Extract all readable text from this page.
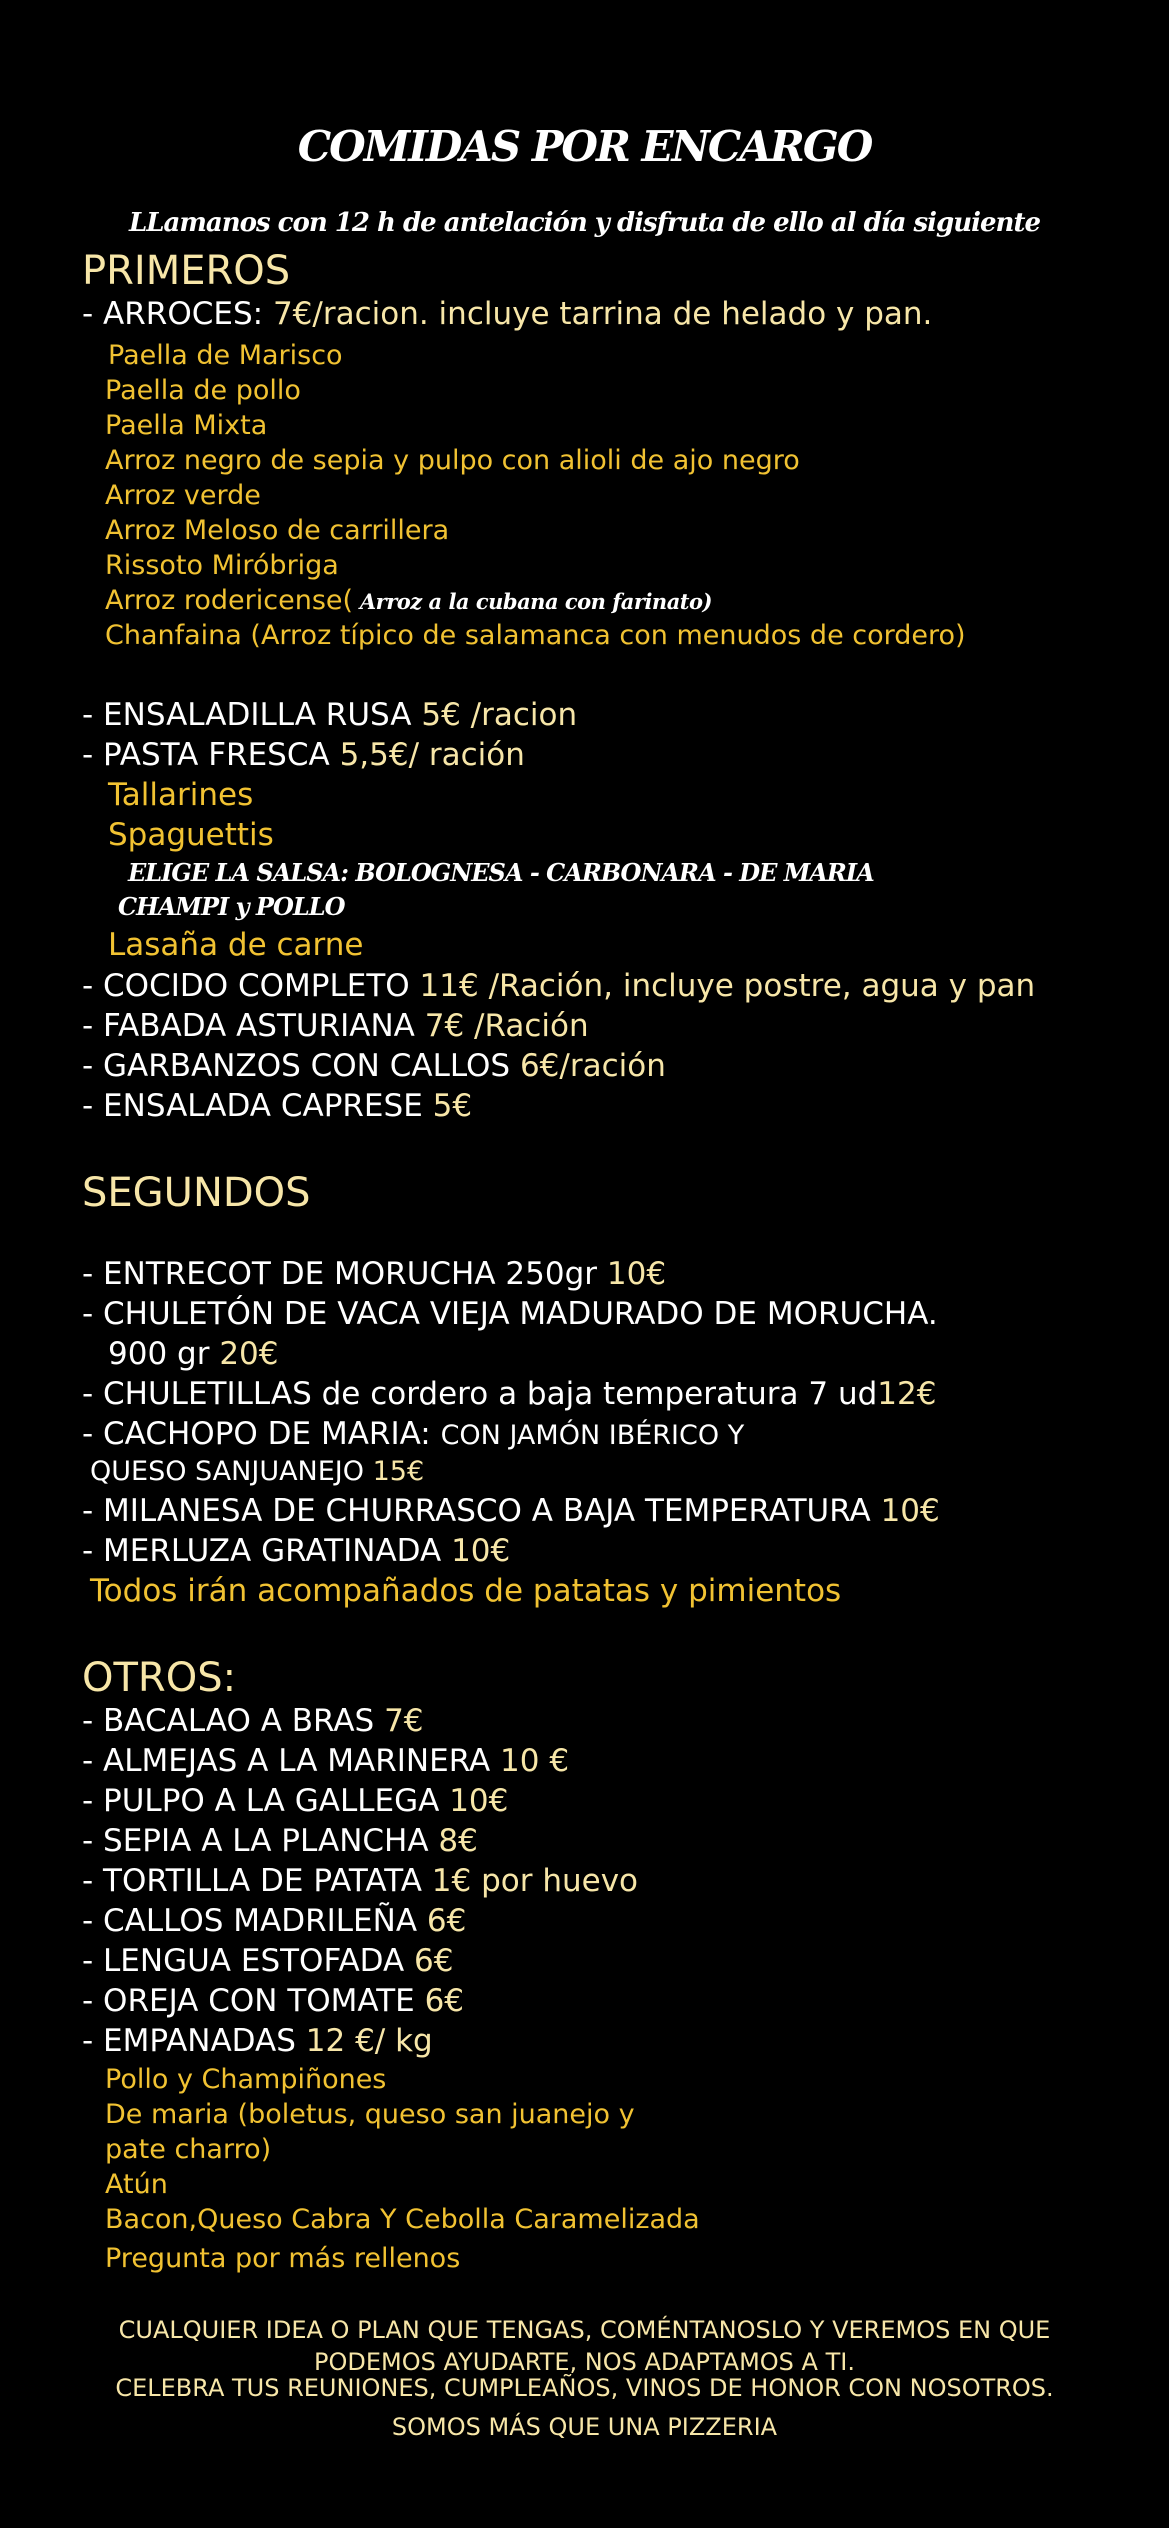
COMIDAS POR ENCARGO
LLamanos con 12 h de antelación y disfruta de ello al día siguiente
PRIMEROS
- ARROCES: 7€/racion. incluye tarrina de helado y pan.
Paella de Marisco
Paella de pollo
Paella Mixta
Arroz negro de sepia y pulpo con alioli de ajo negro
Arroz verde
Arroz Meloso de carrillera
Rissoto Miróbriga
Arroz rodericense( Arroz a la cubana con farinato)
Chanfaina (Arroz típico de salamanca con menudos de cordero)
- ENSALADILLA RUSA 5€ /racion
- PASTA FRESCA 5,5€/ ración
Tallarines
Spaguettis
ELIGE LA SALSA: BOLOGNESA - CARBONARA - DE MARIA
CHAMPI y POLLO
Lasaña de carne
- COCIDO COMPLETO 11€ /Ración, incluye postre, agua y pan
- FABADA ASTURIANA 7€ /Ración
- GARBANZOS CON CALLOS 6€/ración
- ENSALADA CAPRESE 5€
SEGUNDOS
- ENTRECOT DE MORUCHA 250gr 10€
- CHULETÓN DE VACA VIEJA MADURADO DE MORUCHA.
900 gr 20€
- CHULETILLAS de cordero a baja temperatura 7 ud12€
- CACHOPO DE MARIA: CON JAMÓN IBÉRICO Y
QUESO SANJUANEJO 15€
- MILANESA DE CHURRASCO A BAJA TEMPERATURA 10€
- MERLUZA GRATINADA 10€
Todos irán acompañados de patatas y pimientos
OTROS:
- BACALAO A BRAS 7€
- ALMEJAS A LA MARINERA 10 €
- PULPO A LA GALLEGA 10€
- SEPIA A LA PLANCHA 8€
- TORTILLA DE PATATA 1€ por huevo
- CALLOS MADRILEÑA 6€
- LENGUA ESTOFADA 6€
- OREJA CON TOMATE 6€
- EMPANADAS 12 €/ kg
Pollo y Champiñones
De maria (boletus, queso san juanejo y
pate charro)
Atún
Bacon,Queso Cabra Y Cebolla Caramelizada
Pregunta por más rellenos
CUALQUIER IDEA O PLAN QUE TENGAS, COMÉNTANOSLO Y VEREMOS EN QUE PODEMOS AYUDARTE, NOS ADAPTAMOS A TI.
CELEBRA TUS REUNIONES, CUMPLEAÑOS, VINOS DE HONOR CON NOSOTROS.
SOMOS MÁS QUE UNA PIZZERIA
